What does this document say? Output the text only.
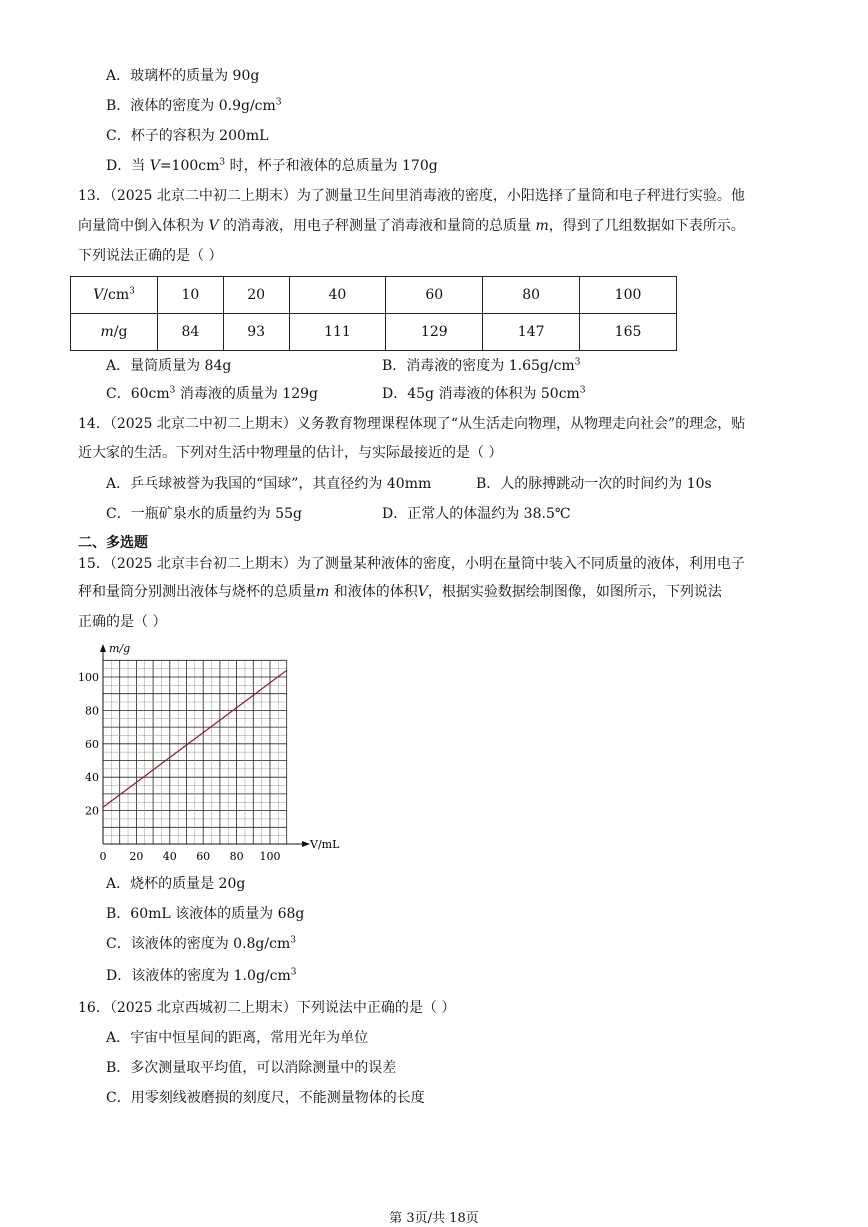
A．玻璃杯的质量为 90g
B．液体的密度为 $0.9g/cm^3$
C．杯子的容积为 200mL
D．当 $V=100cm^3$ 时，杯子和液体的总质量为 170g
13．（2025 北京二中初二上期末）为了测量卫生间里消毒液的密度，小阳选择了量筒和电子秤进行实验。他
向量筒中倒入体积为 V 的消毒液，用电子秤测量了消毒液和量筒的总质量 m，得到了几组数据如下表所示。
下列说法正确的是（ ）
$V/cm^3$	10	20	40	60	80	100
m/g	84	93	111	129	147	165
A．量筒质量为 84g	B．消毒液的密度为 $1.65g/cm^3$
C．$60cm^3$ 消毒液的质量为 129g	D．45g 消毒液的体积为 $50cm^3$
14．（2025 北京二中初二上期末）义务教育物理课程体现了“从生活走向物理，从物理走向社会”的理念，贴
近大家的生活。下列对生活中物理量的估计，与实际最接近的是（ ）
A．乒乓球被誉为我国的“国球”，其直径约为 40mm	B．人的脉搏跳动一次的时间约为 10s
C．一瓶矿泉水的质量约为 55g	D．正常人的体温约为 38.5℃
二、多选题
15．（2025 北京丰台初二上期末）为了测量某种液体的密度，小明在量筒中装入不同质量的液体，利用电子
秤和量筒分别测出液体与烧杯的总质量m 和液体的体积V，根据实验数据绘制图像，如图所示，下列说法
正确的是（ ）
0 20 40 60 80 100
20
40
60
80
100
m/g
V/mL
A．烧杯的质量是 20g
B．60mL 该液体的质量为 68g
C．该液体的密度为 $0.8g/cm^3$
D．该液体的密度为 $1.0g/cm^3$
16．（2025 北京西城初二上期末）下列说法中正确的是（ ）
A．宇宙中恒星间的距离，常用光年为单位
B．多次测量取平均值，可以消除测量中的误差
C．用零刻线被磨损的刻度尺，不能测量物体的长度
第 3页/共 18页
